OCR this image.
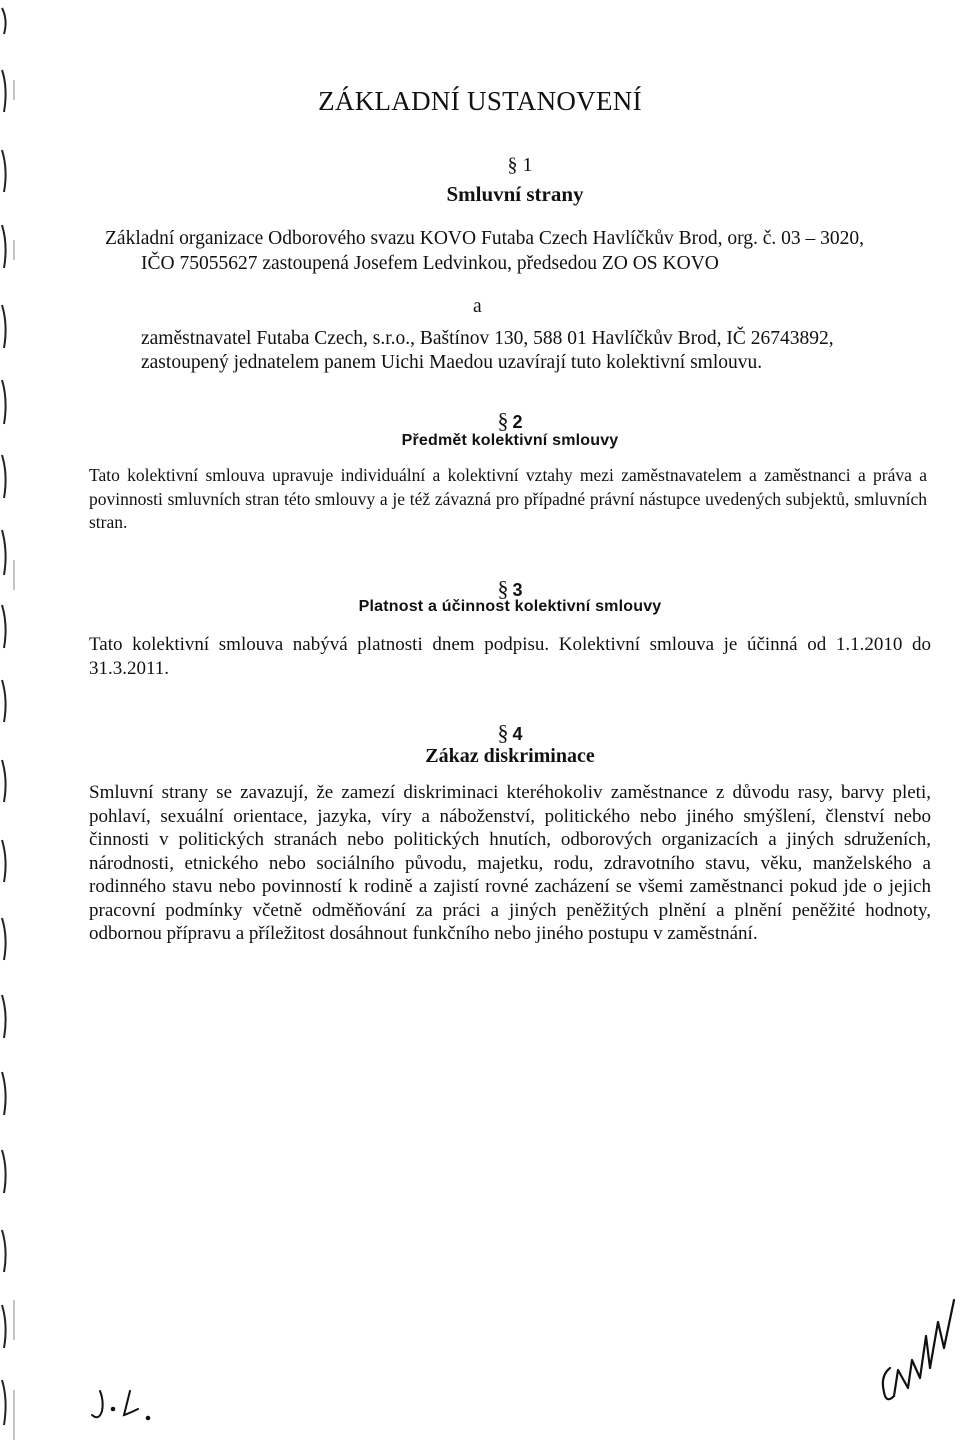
ZÁKLADNÍ USTANOVENÍ
§ 1
Smluvní strany
Základní organizace Odborového svazu KOVO Futaba Czech Havlíčkův Brod, org. č. 03 – 3020,
IČO 75055627 zastoupená Josefem Ledvinkou, předsedou ZO OS KOVO
a
zaměstnavatel Futaba Czech, s.r.o., Baštínov 130, 588 01 Havlíčkův Brod, IČ 26743892,
zastoupený jednatelem panem Uichi Maedou uzavírají tuto kolektivní smlouvu.
§ 2
Předmět kolektivní smlouvy
Tato kolektivní smlouva upravuje individuální a kolektivní vztahy mezi zaměstnavatelem a zaměstnanci a práva a povinnosti smluvních stran této smlouvy a je též závazná pro případné právní nástupce uvedených subjektů, smluvních stran.
§ 3
Platnost a účinnost kolektivní smlouvy
Tato kolektivní smlouva nabývá platnosti dnem podpisu. Kolektivní smlouva je účinná od 1.1.2010 do 31.3.2011.
§ 4
Zákaz diskriminace
Smluvní strany se zavazují, že zamezí diskriminaci kteréhokoliv zaměstnance z důvodu rasy, barvy pleti, pohlaví, sexuální orientace, jazyka, víry a náboženství, politického nebo jiného smýšlení, členství nebo činnosti v politických stranách nebo politických hnutích, odborových organizacích a jiných sdruženích, národnosti, etnického nebo sociálního původu, majetku, rodu, zdravotního stavu, věku, manželského a rodinného stavu nebo povinností k rodině a zajistí rovné zacházení se všemi zaměstnanci pokud jde o jejich pracovní podmínky včetně odměňování za práci a jiných peněžitých plnění a plnění peněžité hodnoty, odbornou přípravu a příležitost dosáhnout funkčního nebo jiného postupu v zaměstnání.
